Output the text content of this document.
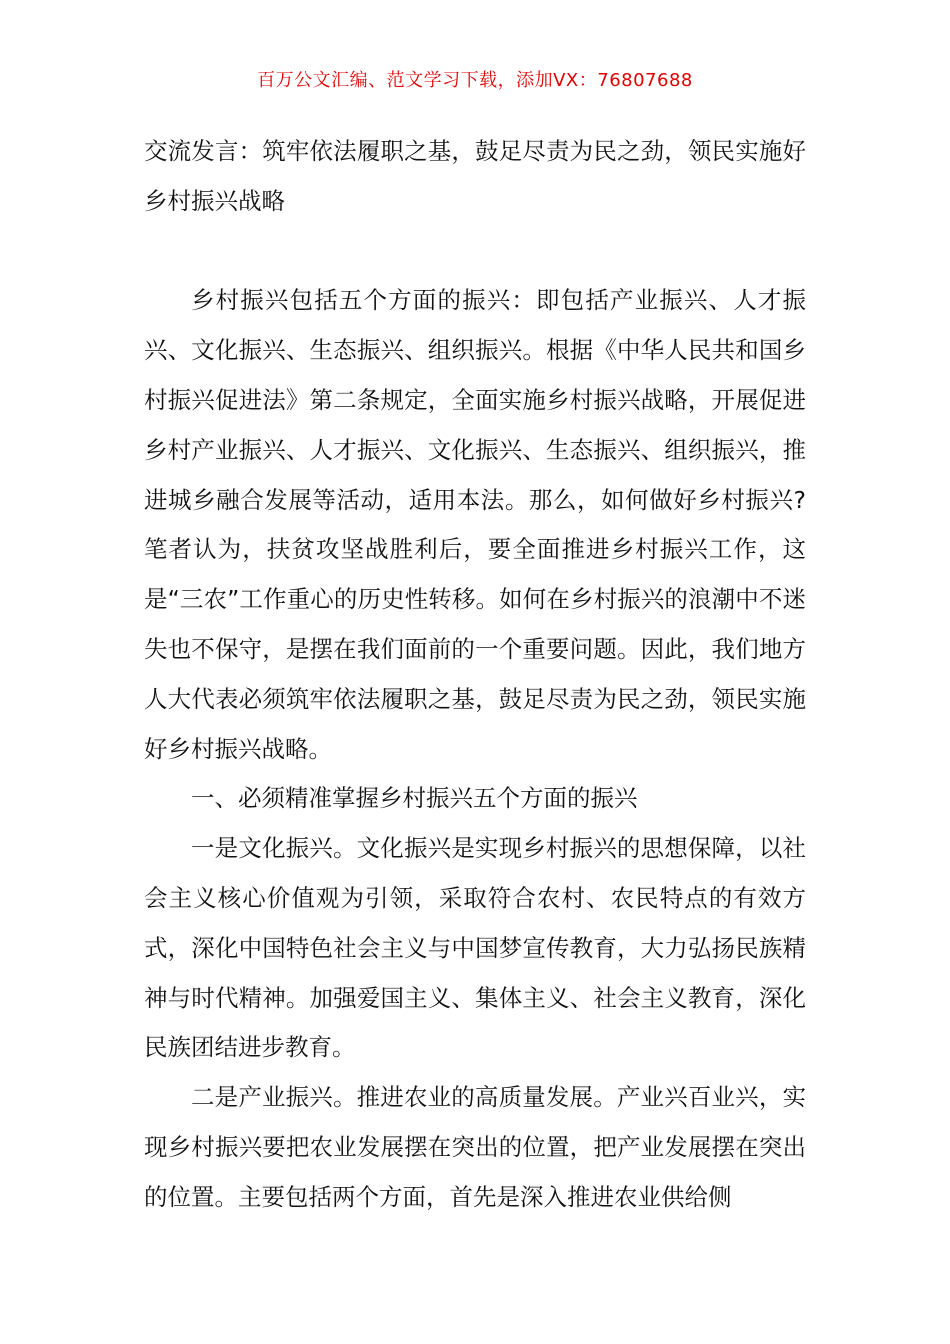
百万公文汇编、范文学习下载，添加VX：76807688
交流发言：筑牢依法履职之基，鼓足尽责为民之劲，领民实施好乡村振兴战略

乡村振兴包括五个方面的振兴：即包括产业振兴、人才振兴、文化振兴、生态振兴、组织振兴。根据《中华人民共和国乡村振兴促进法》第二条规定，全面实施乡村振兴战略，开展促进乡村产业振兴、人才振兴、文化振兴、生态振兴、组织振兴，推进城乡融合发展等活动，适用本法。那么，如何做好乡村振兴?笔者认为，扶贫攻坚战胜利后，要全面推进乡村振兴工作，这是“三农”工作重心的历史性转移。如何在乡村振兴的浪潮中不迷失也不保守，是摆在我们面前的一个重要问题。因此，我们地方人大代表必须筑牢依法履职之基，鼓足尽责为民之劲，领民实施好乡村振兴战略。

一、必须精准掌握乡村振兴五个方面的振兴

一是文化振兴。文化振兴是实现乡村振兴的思想保障，以社会主义核心价值观为引领，采取符合农村、农民特点的有效方式，深化中国特色社会主义与中国梦宣传教育，大力弘扬民族精神与时代精神。加强爱国主义、集体主义、社会主义教育，深化民族团结进步教育。

二是产业振兴。推进农业的高质量发展。产业兴百业兴，实现乡村振兴要把农业发展摆在突出的位置，把产业发展摆在突出的位置。主要包括两个方面，首先是深入推进农业供给侧
